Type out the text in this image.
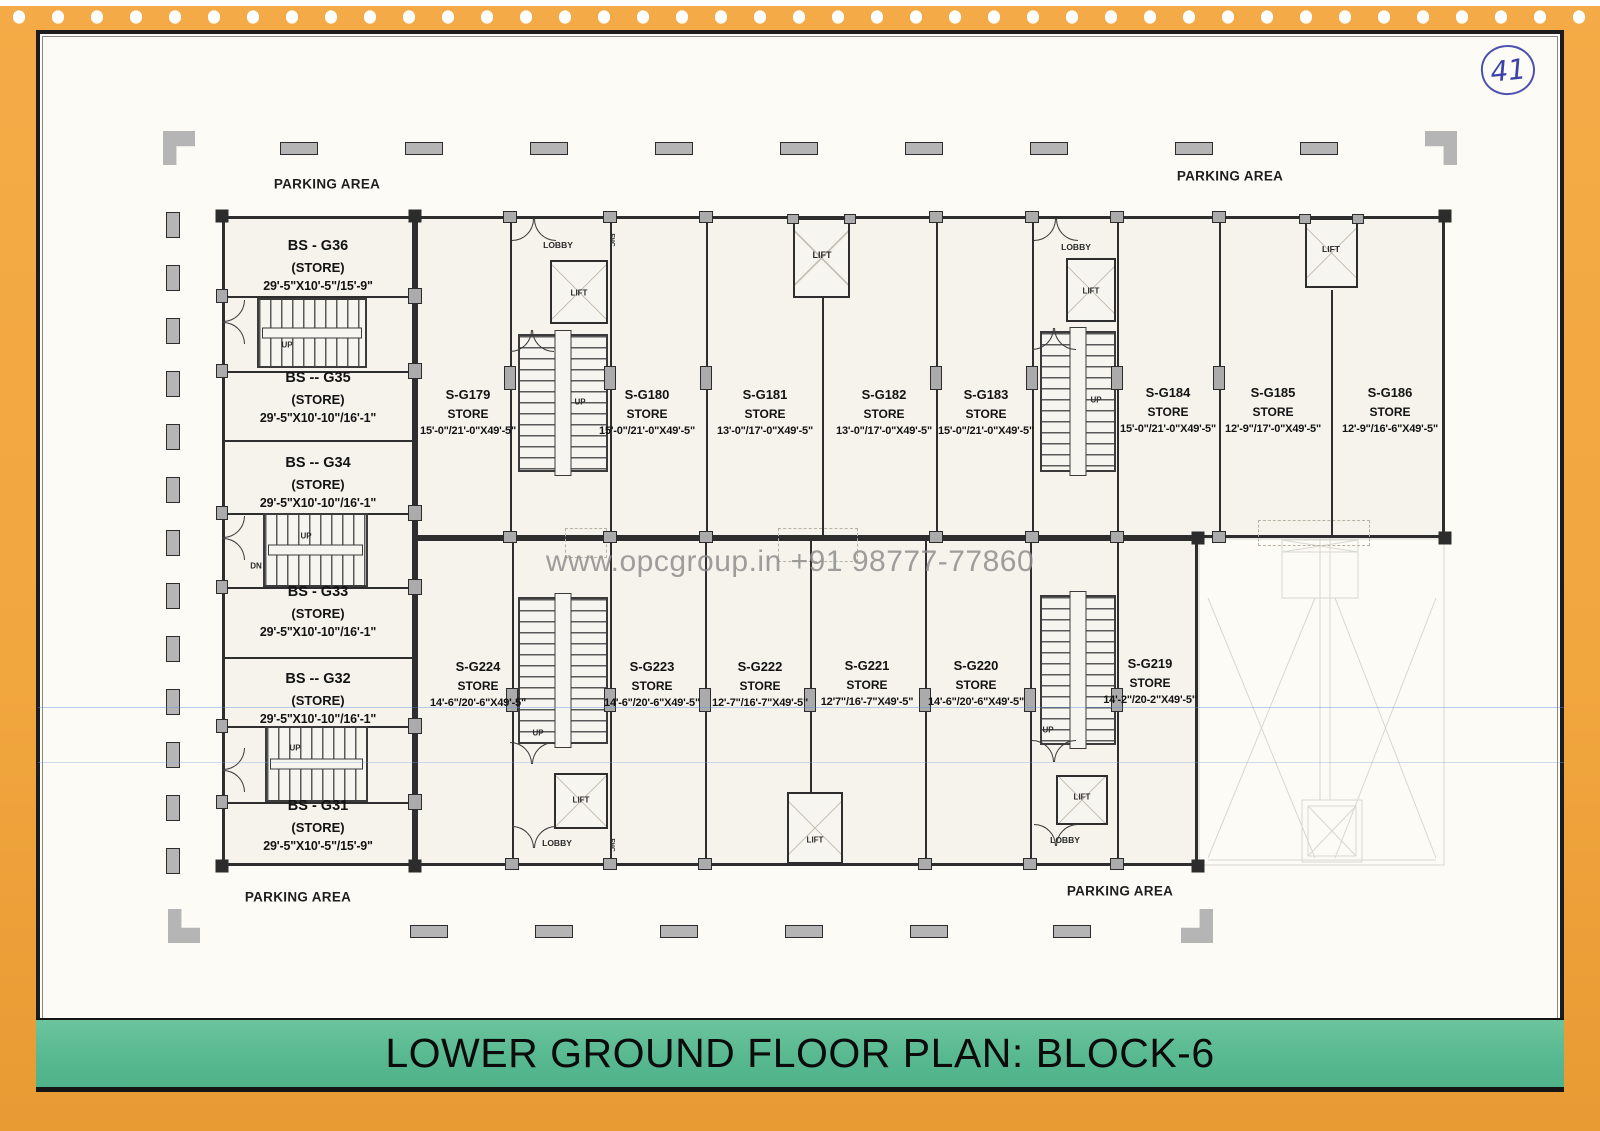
BS - G36
(STORE)
29'-5"X10'-5"/15'-9"
BS -- G35
(STORE)
29'-5"X10'-10"/16'-1"
BS -- G34
(STORE)
29'-5"X10'-10"/16'-1"
BS - G33
(STORE)
29'-5"X10'-10"/16'-1"
BS -- G32
(STORE)
29'-5"X10'-10"/16'-1"
BS - G31
(STORE)
29'-5"X10'-5"/15'-9"
S-G179
STORE
15'-0"/21'-0"X49'-5"
S-G180
STORE
15'-0"/21'-0"X49'-5"
S-G181
STORE
13'-0"/17'-0"X49'-5"
S-G182
STORE
13'-0"/17'-0"X49'-5"
S-G183
STORE
15'-0"/21'-0"X49'-5"
S-G184
STORE
15'-0"/21'-0"X49'-5"
S-G185
STORE
12'-9"/17'-0"X49'-5"
S-G186
STORE
12'-9"/16'-6"X49'-5"
S-G224
STORE
14'-6"/20'-6"X49'-5"
S-G223
STORE
14'-6"/20'-6"X49'-5"
S-G222
STORE
12'-7"/16'-7"X49'-5"
S-G221
STORE
12'7"/16'-7"X49'-5"
S-G220
STORE
14'-6"/20'-6"X49'-5"
S-G219
STORE
14'-2"/20-2"X49'-5"
LOBBY	LOBBY
LOBBY	LOBBY
LIFT
LIFT
LIFT
LIFT
LIFT
LIFT
LIFT
UP
UP
DN
UP
UP	UP
UP	UP
FHC
FHC
PARKING AREA
PARKING AREA
PARKING AREA	PARKING AREA
LOWER GROUND FLOOR PLAN: BLOCK-6
www.opcgroup.in +91 98777-77860
41
